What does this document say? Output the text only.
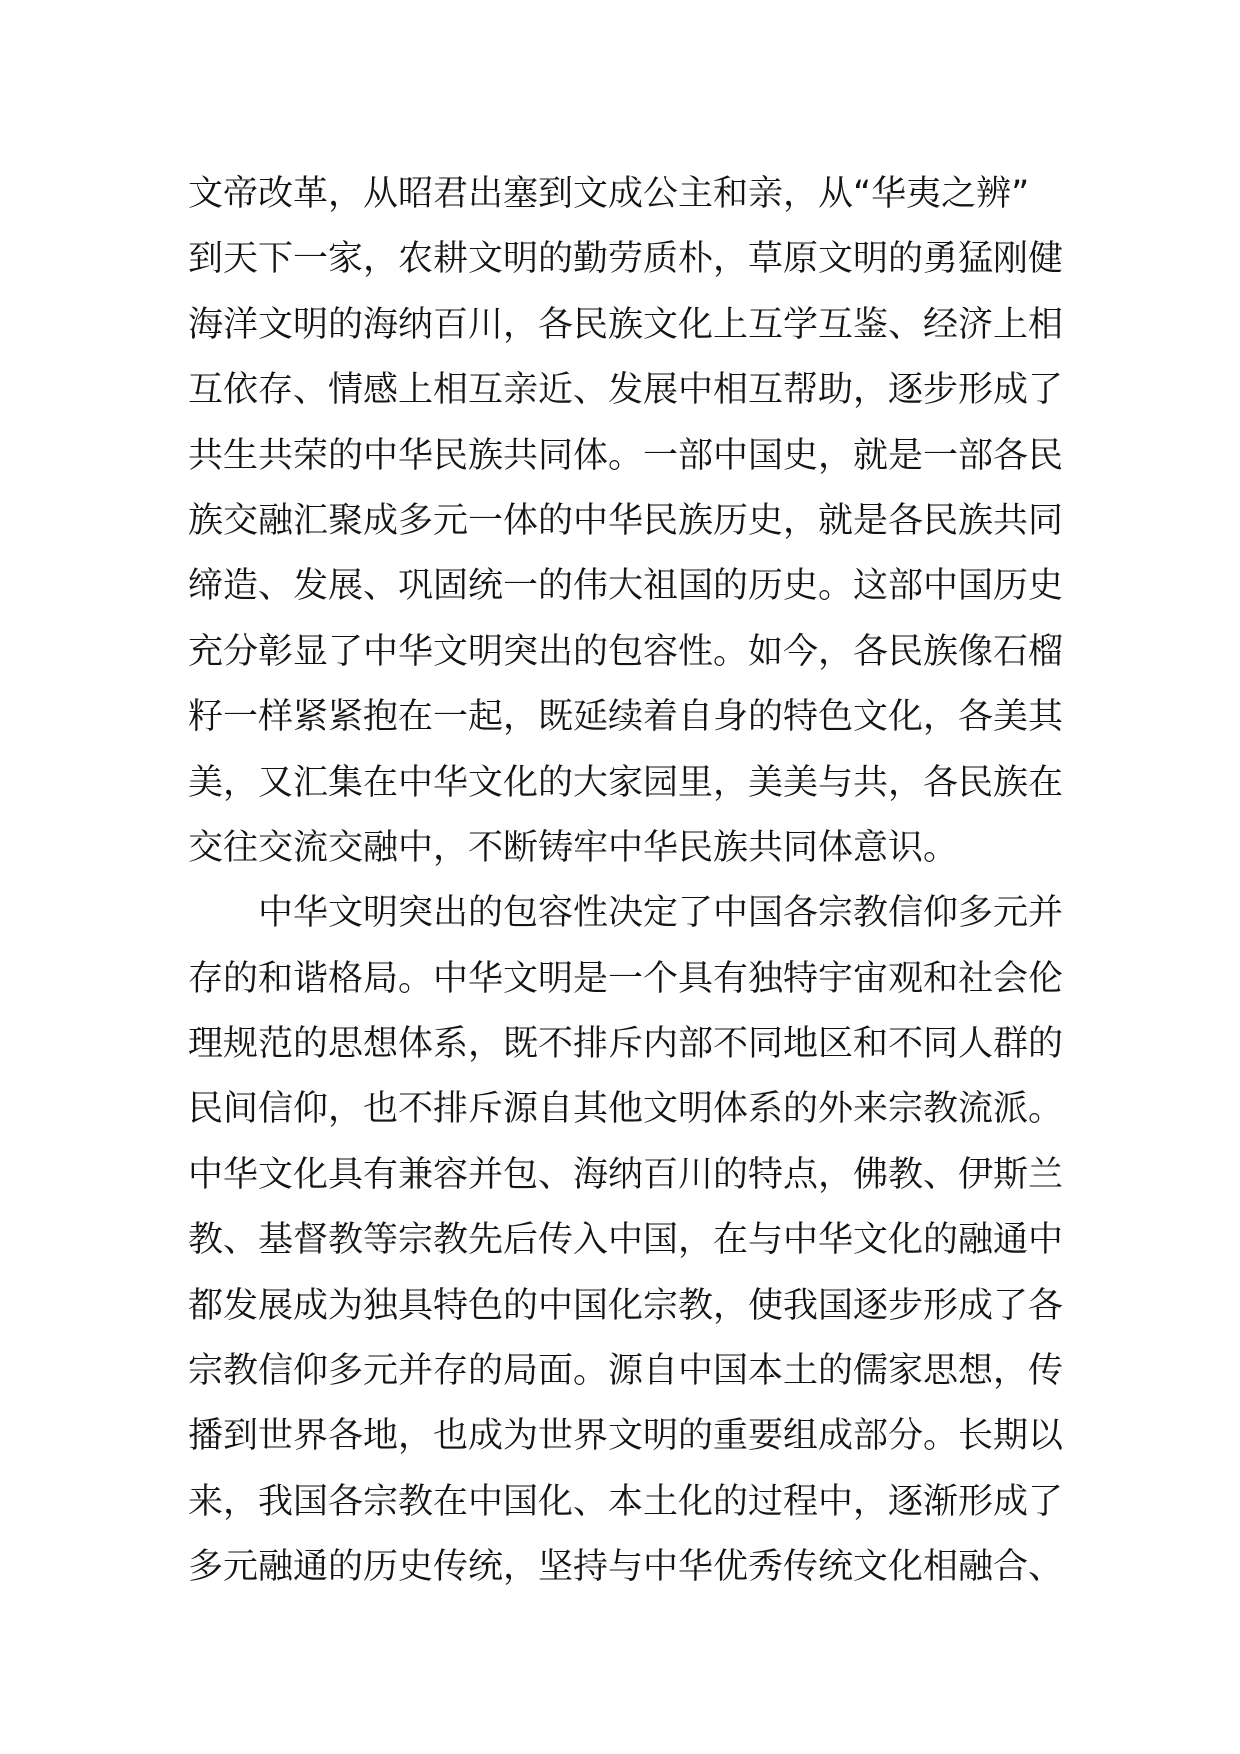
文帝改革，从昭君出塞到文成公主和亲，从“华夷之辨”
到天下一家，农耕文明的勤劳质朴，草原文明的勇猛刚健
海洋文明的海纳百川，各民族文化上互学互鉴、经济上相
互依存、情感上相互亲近、发展中相互帮助，逐步形成了
共生共荣的中华民族共同体。一部中国史，就是一部各民
族交融汇聚成多元一体的中华民族历史，就是各民族共同
缔造、发展、巩固统一的伟大祖国的历史。这部中国历史
充分彰显了中华文明突出的包容性。如今，各民族像石榴
籽一样紧紧抱在一起，既延续着自身的特色文化，各美其
美，又汇集在中华文化的大家园里，美美与共，各民族在
交往交流交融中，不断铸牢中华民族共同体意识。
中华文明突出的包容性决定了中国各宗教信仰多元并
存的和谐格局。中华文明是一个具有独特宇宙观和社会伦
理规范的思想体系，既不排斥内部不同地区和不同人群的
民间信仰，也不排斥源自其他文明体系的外来宗教流派。
中华文化具有兼容并包、海纳百川的特点，佛教、伊斯兰
教、基督教等宗教先后传入中国，在与中华文化的融通中
都发展成为独具特色的中国化宗教，使我国逐步形成了各
宗教信仰多元并存的局面。源自中国本土的儒家思想，传
播到世界各地，也成为世界文明的重要组成部分。长期以
来，我国各宗教在中国化、本土化的过程中，逐渐形成了
多元融通的历史传统，坚持与中华优秀传统文化相融合、
